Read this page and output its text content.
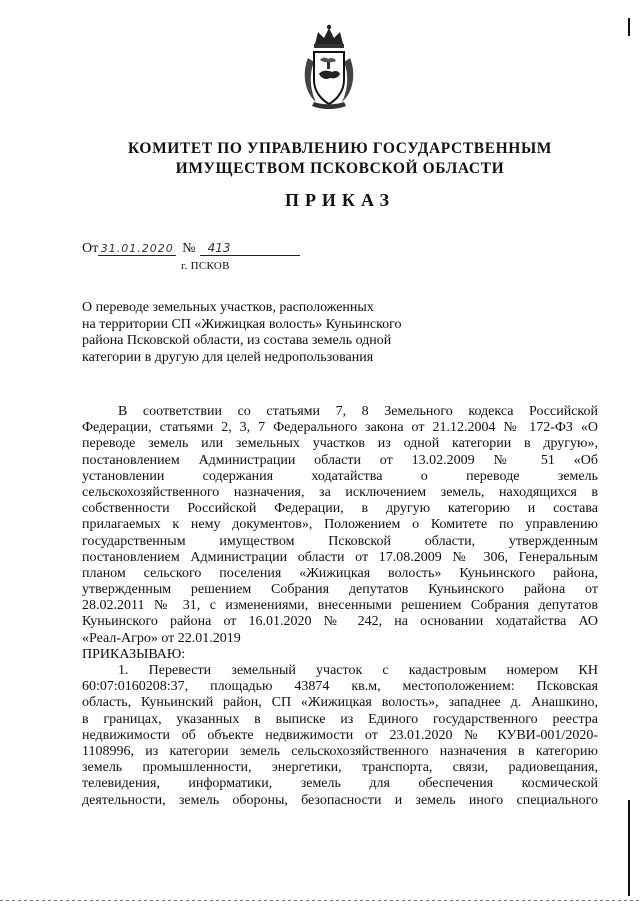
КОМИТЕТ ПО УПРАВЛЕНИЮ ГОСУДАРСТВЕННЫМ
ИМУЩЕСТВОМ ПСКОВСКОЙ ОБЛАСТИ
ПРИКАЗ
От 31.01.2020 № 413
г. ПСКОВ
О переводе земельных участков, расположенных
на территории СП «Жижицкая волость» Куньинского
района Псковской области, из состава земель одной
категории в другую для целей недропользования
В соответствии со статьями 7, 8 Земельного кодекса Российской
Федерации, статьями 2, 3, 7 Федерального закона от 21.12.2004 № 172-ФЗ «О
переводе земель или земельных участков из одной категории в другую»,
постановлением Администрации области от 13.02.2009 № 51 «Об
установлении содержания ходатайства о переводе земель
сельскохозяйственного назначения, за исключением земель, находящихся в
собственности Российской Федерации, в другую категорию и состава
прилагаемых к нему документов», Положением о Комитете по управлению
государственным имуществом Псковской области, утвержденным
постановлением Администрации области от 17.08.2009 № 306, Генеральным
планом сельского поселения «Жижицкая волость» Куньинского района,
утвержденным решением Собрания депутатов Куньинского района от
28.02.2011 № 31, с изменениями, внесенными решением Собрания депутатов
Куньинского района от 16.01.2020 № 242, на основании ходатайства АО
«Реал-Агро» от 22.01.2019
ПРИКАЗЫВАЮ:
1. Перевести земельный участок с кадастровым номером КН
60:07:0160208:37, площадью 43874 кв.м, местоположением: Псковская
область, Куньинский район, СП «Жижицкая волость», западнее д. Анашкино,
в границах, указанных в выписке из Единого государственного реестра
недвижимости об объекте недвижимости от 23.01.2020 № КУВИ-001/2020-
1108996, из категории земель сельскохозяйственного назначения в категорию
земель промышленности, энергетики, транспорта, связи, радиовещания,
телевидения, информатики, земель для обеспечения космической
деятельности, земель обороны, безопасности и земель иного специального
